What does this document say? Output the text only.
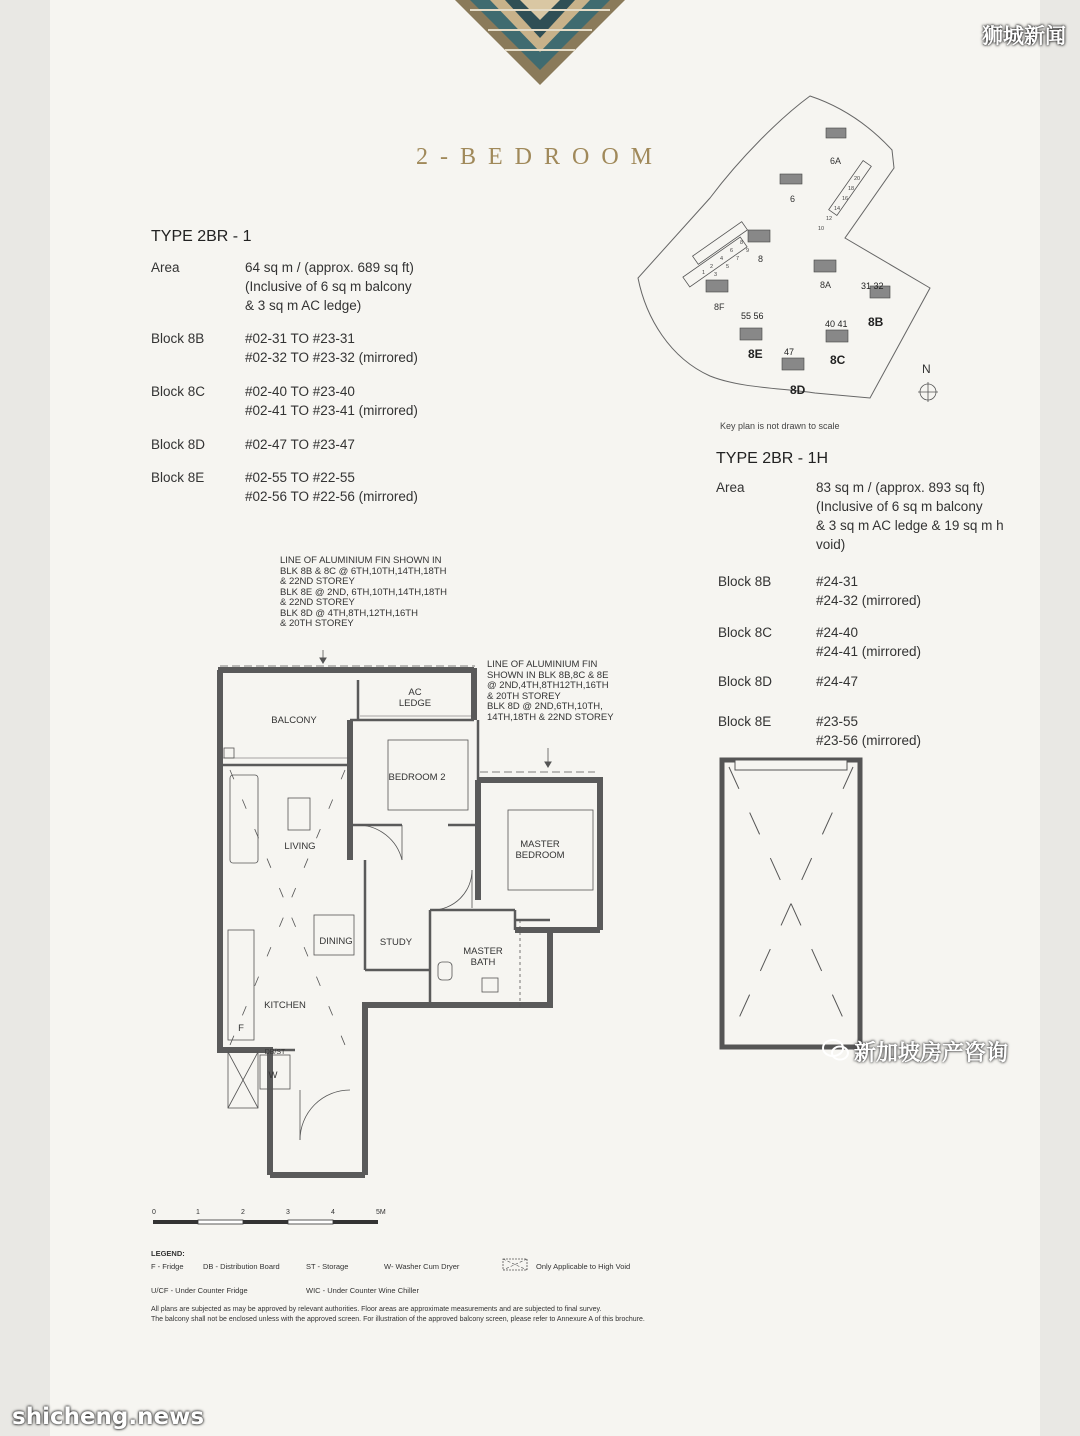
狮城新闻
2-BEDROOM
TYPE 2BR - 1
Area	64 sq m / (approx. 689 sq ft)
(Inclusive of 6 sq m balcony
& 3 sq m AC ledge)
Block 8B	#02-31 TO #23-31
#02-32 TO #23-32 (mirrored)
Block 8C	#02-40 TO #23-40
#02-41 TO #23-41 (mirrored)
Block 8D	#02-47 TO #23-47
Block 8E	#02-55 TO #22-55
#02-56 TO #22-56 (mirrored)
6A
6
8
8A
8F
8B
8E	8C
8D
31 32
55 56
40 41
47
20
18
16
14
12
10
2
4
6
8
1 3
5
7
9
N
Key plan is not drawn to scale
TYPE 2BR - 1H
Area	83 sq m / (approx. 893 sq ft)
(Inclusive of 6 sq m balcony
& 3 sq m AC ledge & 19 sq m h
void)
Block 8B	#24-31
#24-32 (mirrored)
Block 8C	#24-40
#24-41 (mirrored)
Block 8D	#24-47
Block 8E	#23-55
#23-56 (mirrored)
LINE OF ALUMINIUM FIN SHOWN IN
BLK 8B & 8C @ 6TH,10TH,14TH,18TH
& 22ND STOREY
BLK 8E @ 2ND, 6TH,10TH,14TH,18TH
& 22ND STOREY
BLK 8D @ 4TH,8TH,12TH,16TH
& 20TH STOREY
LINE OF ALUMINIUM FIN
SHOWN IN BLK 8B,8C & 8E
@ 2ND,4TH,8TH12TH,16TH
& 20TH STOREY
BLK 8D @ 2ND,6TH,10TH,
14TH,18TH & 22ND STOREY
BALCONY
AC
LEDGE
BEDROOM 2
MASTER
BEDROOM
LIVING
DINING	STUDY
MASTER
BATH
KITCHEN
F
DB/ST
W
0	1	2	3	4	5M
LEGEND:
F - Fridge	DB - Distribution Board	ST - Storage	W- Washer Cum Dryer	Only Applicable to High Void
U/CF - Under Counter Fridge	WIC - Under Counter Wine Chiller
All plans are subjected as may be approved by relevant authorities. Floor areas are approximate measurements and are subjected to final survey.
The balcony shall not be enclosed unless with the approved screen. For illustration of the approved balcony screen, please refer to Annexure A of this brochure.
新加坡房产咨询
shicheng.news
